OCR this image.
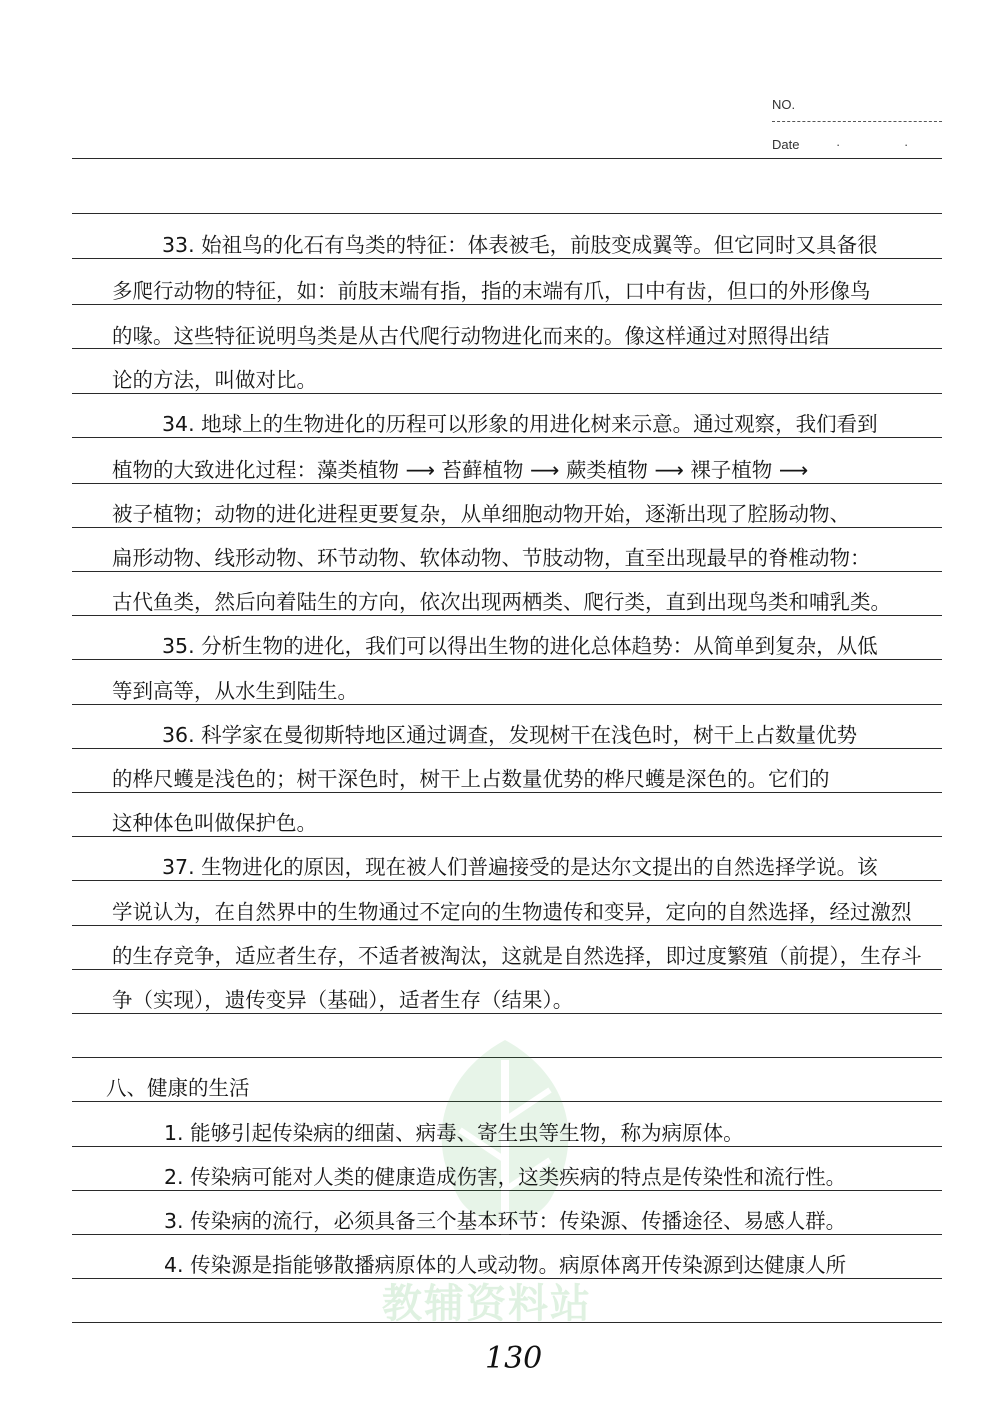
NO.
Date	· ·
教辅资料站
33. 始祖鸟的化石有鸟类的特征：体表被毛，前肢变成翼等。但它同时又具备很
多爬行动物的特征，如：前肢末端有指，指的末端有爪，口中有齿，但口的外形像鸟
的喙。这些特征说明鸟类是从古代爬行动物进化而来的。像这样通过对照得出结
论的方法，叫做对比。
34. 地球上的生物进化的历程可以形象的用进化树来示意。通过观察，我们看到
植物的大致进化过程：藻类植物 ⟶ 苔藓植物 ⟶ 蕨类植物 ⟶ 裸子植物 ⟶
被子植物；动物的进化进程更要复杂，从单细胞动物开始，逐渐出现了腔肠动物、
扁形动物、线形动物、环节动物、软体动物、节肢动物，直至出现最早的脊椎动物：
古代鱼类，然后向着陆生的方向，依次出现两栖类、爬行类，直到出现鸟类和哺乳类。
35. 分析生物的进化，我们可以得出生物的进化总体趋势：从简单到复杂，从低
等到高等，从水生到陆生。
36. 科学家在曼彻斯特地区通过调查，发现树干在浅色时，树干上占数量优势
的桦尺蠖是浅色的；树干深色时，树干上占数量优势的桦尺蠖是深色的。它们的
这种体色叫做保护色。
37. 生物进化的原因，现在被人们普遍接受的是达尔文提出的自然选择学说。该
学说认为，在自然界中的生物通过不定向的生物遗传和变异，定向的自然选择，经过激烈
的生存竞争，适应者生存，不适者被淘汰，这就是自然选择，即过度繁殖（前提），生存斗
争（实现），遗传变异（基础），适者生存（结果）。
八、健康的生活
1. 能够引起传染病的细菌、病毒、寄生虫等生物，称为病原体。
2. 传染病可能对人类的健康造成伤害，这类疾病的特点是传染性和流行性。
3. 传染病的流行，必须具备三个基本环节：传染源、传播途径、易感人群。
4. 传染源是指能够散播病原体的人或动物。病原体离开传染源到达健康人所
130
